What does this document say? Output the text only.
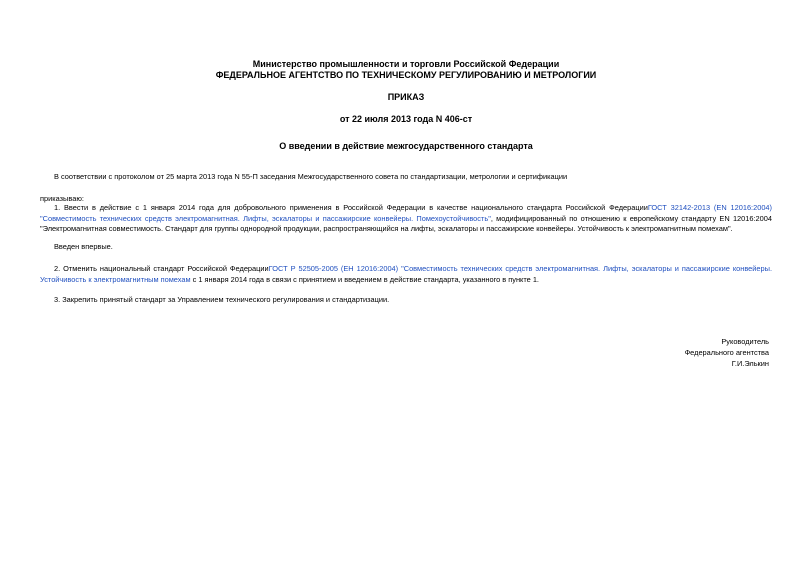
Министерство промышленности и торговли Российской Федерации
ФЕДЕРАЛЬНОЕ АГЕНТСТВО ПО ТЕХНИЧЕСКОМУ РЕГУЛИРОВАНИЮ И МЕТРОЛОГИИ
ПРИКАЗ
от 22 июля 2013 года N 406-ст
О введении в действие межгосударственного стандарта
В соответствии с протоколом от 25 марта 2013 года N 55-П заседания Межгосударственного совета по стандартизации, метрологии и сертификации
приказываю:
1. Ввести в действие с 1 января 2014 года для добровольного применения в Российской Федерации в качестве национального стандарта Российской ФедерацииГОСТ 32142-2013 (EN 12016:2004) "Совместимость технических средств электромагнитная. Лифты, эскалаторы и пассажирские конвейеры. Помехоустойчивость", модифицированный по отношению к европейскому стандарту EN 12016:2004 "Электромагнитная совместимость. Стандарт для группы однородной продукции, распространяющийся на лифты, эскалаторы и пассажирские конвейеры. Устойчивость к электромагнитным помехам".
Введен впервые.
2. Отменить национальный стандарт Российской ФедерацииГОСТ Р 52505-2005 (ЕН 12016:2004) "Совместимость технических средств электромагнитная. Лифты, эскалаторы и пассажирские конвейеры. Устойчивость к электромагнитным помехам с 1 января 2014 года в связи с принятием и введением в действие стандарта, указанного в пункте 1.
3. Закрепить принятый стандарт за Управлением технического регулирования и стандартизации.
Руководитель
Федерального агентства
Г.И.Элькин
